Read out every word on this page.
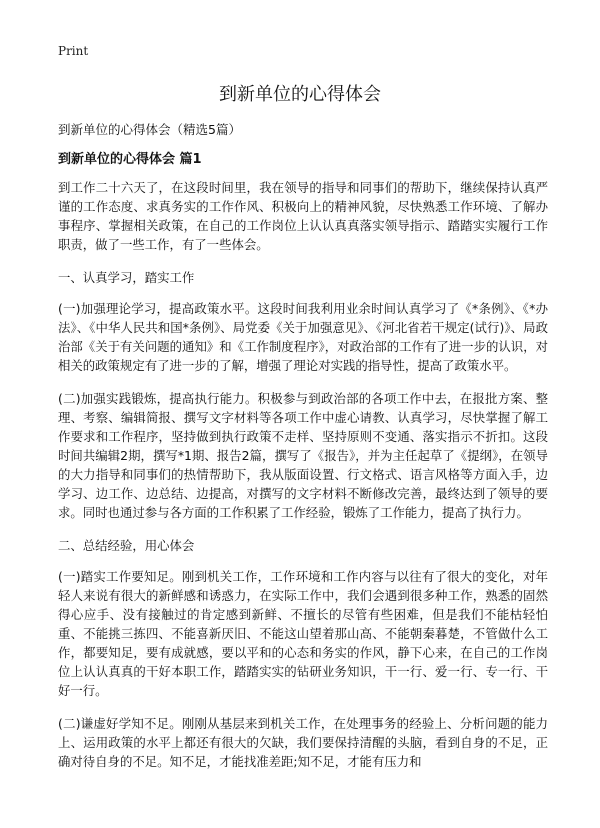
Print
到新单位的心得体会

到新单位的心得体会（精选5篇）

到新单位的心得体会 篇1

到工作二十六天了，在这段时间里，我在领导的指导和同事们的帮助下，继续保持认真严谨的工作态度、求真务实的工作作风、积极向上的精神风貌，尽快熟悉工作环境、了解办事程序、掌握相关政策，在自己的工作岗位上认认真真落实领导指示、踏踏实实履行工作职责，做了一些工作，有了一些体会。

一、认真学习，踏实工作

(一)加强理论学习，提高政策水平。这段时间我利用业余时间认真学习了《*条例》、《*办法》、《中华人民共和国*条例》、局党委《关于加强意见》、《河北省若干规定(试行)》、局政治部《关于有关问题的通知》和《工作制度程序》，对政治部的工作有了进一步的认识，对相关的政策规定有了进一步的了解，增强了理论对实践的指导性，提高了政策水平。

(二)加强实践锻炼，提高执行能力。积极参与到政治部的各项工作中去，在报批方案、整理、考察、编辑简报、撰写文字材料等各项工作中虚心请教、认真学习，尽快掌握了解工作要求和工作程序，坚持做到执行政策不走样、坚持原则不变通、落实指示不折扣。这段时间共编辑2期，撰写*1期、报告2篇，撰写了《报告》，并为主任起草了《提纲》，在领导的大力指导和同事们的热情帮助下，我从版面设置、行文格式、语言风格等方面入手，边学习、边工作、边总结、边提高，对撰写的文字材料不断修改完善，最终达到了领导的要求。同时也通过参与各方面的工作积累了工作经验，锻炼了工作能力，提高了执行力。

二、总结经验，用心体会

(一)踏实工作要知足。刚到机关工作，工作环境和工作内容与以往有了很大的变化，对年轻人来说有很大的新鲜感和诱惑力，在实际工作中，我们会遇到很多种工作，熟悉的固然得心应手、没有接触过的肯定感到新鲜、不擅长的尽管有些困难，但是我们不能枯轻怕重、不能挑三拣四、不能喜新厌旧、不能这山望着那山高、不能朝秦暮楚，不管做什么工作，都要知足，要有成就感，要以平和的心态和务实的作风，静下心来，在自己的工作岗位上认认真真的干好本职工作，踏踏实实的钻研业务知识，干一行、爱一行、专一行、干好一行。

(二)谦虚好学知不足。刚刚从基层来到机关工作，在处理事务的经验上、分析问题的能力上、运用政策的水平上都还有很大的欠缺，我们要保持清醒的头脑，看到自身的不足，正确对待自身的不足。知不足，才能找准差距;知不足，才能有压力和
